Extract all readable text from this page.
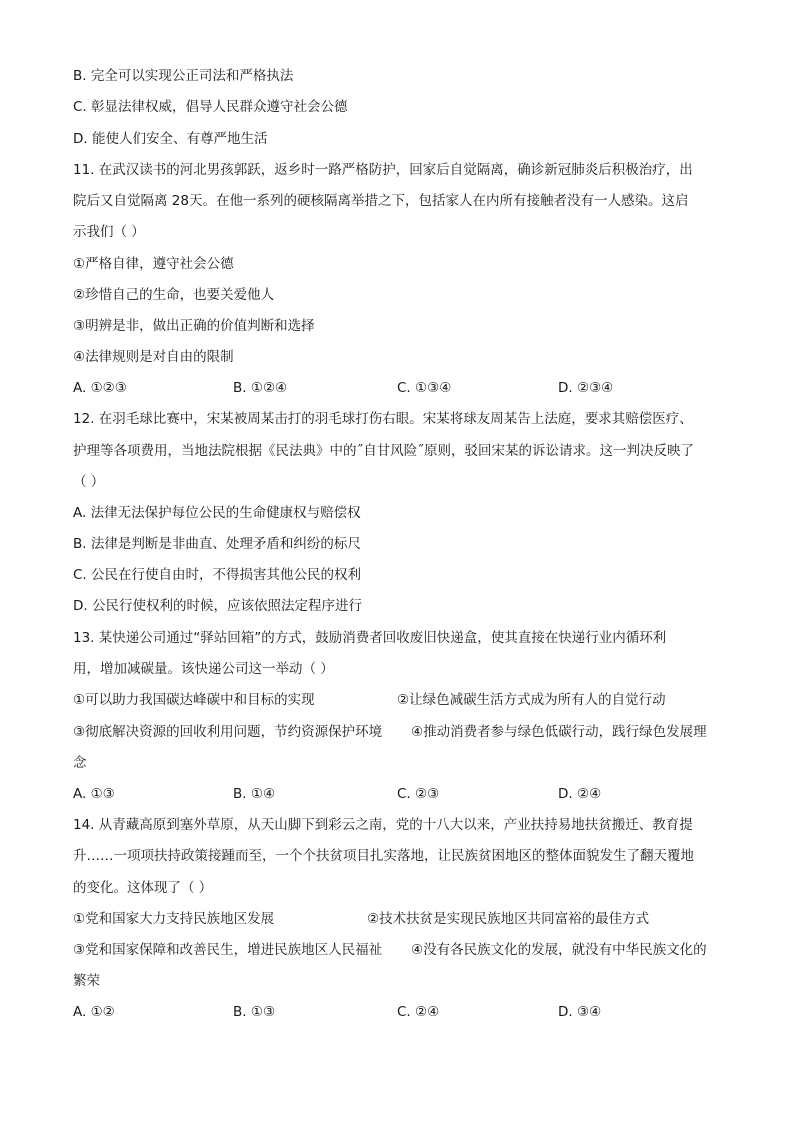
B. 完全可以实现公正司法和严格执法
C. 彰显法律权威，倡导人民群众遵守社会公德
D. 能使人们安全、有尊严地生活
11. 在武汉读书的河北男孩郭跃，返乡时一路严格防护，回家后自觉隔离，确诊新冠肺炎后积极治疗，出
院后又自觉隔离 28天。在他一系列的硬核隔离举措之下，包括家人在内所有接触者没有一人感染。这启
示我们（ ）
①严格自律，遵守社会公德
②珍惜自己的生命，也要关爱他人
③明辨是非，做出正确的价值判断和选择
④法律规则是对自由的限制
A. ①②③	B. ①②④	C. ①③④	D. ②③④
12. 在羽毛球比赛中，宋某被周某击打的羽毛球打伤右眼。宋某将球友周某告上法庭，要求其赔偿医疗、
护理等各项费用，当地法院根据《民法典》中的˝自甘风险˝原则，驳回宋某的诉讼请求。这一判决反映了
（ ）
A. 法律无法保护每位公民的生命健康权与赔偿权
B. 法律是判断是非曲直、处理矛盾和纠纷的标尺
C. 公民在行使自由时，不得损害其他公民的权利
D. 公民行使权利的时候，应该依照法定程序进行
13. 某快递公司通过“驿站回箱”的方式，鼓励消费者回收废旧快递盒，使其直接在快递行业内循环利
用，增加减碳量。该快递公司这一举动（ ）
①可以助力我国碳达峰碳中和目标的实现	②让绿色减碳生活方式成为所有人的自觉行动
③彻底解决资源的回收利用问题，节约资源保护环境 ④推动消费者参与绿色低碳行动，践行绿色发展理
念
A. ①③	B. ①④	C. ②③	D. ②④
14. 从青藏高原到塞外草原，从天山脚下到彩云之南，党的十八大以来，产业扶持易地扶贫搬迁、教育提
升……一项项扶持政策接踵而至，一个个扶贫项目扎实落地，让民族贫困地区的整体面貌发生了翻天覆地
的变化。这体现了（ ）
①党和国家大力支持民族地区发展	②技术扶贫是实现民族地区共同富裕的最佳方式
③党和国家保障和改善民生，增进民族地区人民福祉 ④没有各民族文化的发展，就没有中华民族文化的
繁荣
A. ①②	B. ①③	C. ②④	D. ③④
